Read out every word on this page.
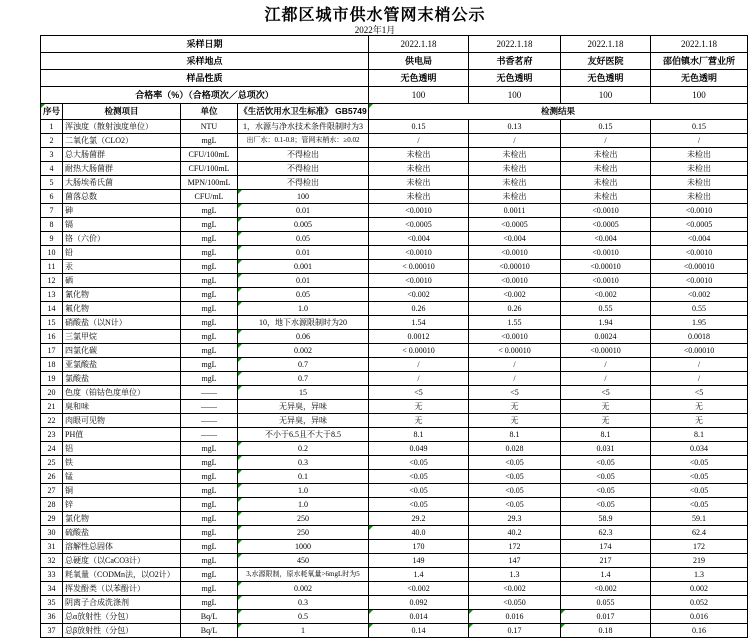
江都区城市供水管网末梢公示
2022年1月
采样日期				2022.1.18	2022.1.18	2022.1.18	2022.1.18
采样地点				供电局	书香茗府	友好医院	邵伯镇水厂营业所
样品性质				无色透明	无色透明	无色透明	无色透明
合格率（%）（合格项次／总项次）				100	100	100	100

序号	检测项目	单位	《生活饮用水卫生标准》 GB5749	检测结果			
1	浑浊度（散射浊度单位）	NTU	1，水源与净水技术条件限制时为3	0.15	0.13	0.15	0.15
2	二氧化氯（CLO2）	mgL	出厂水：0.1-0.8；管网末梢水：≥0.02	/	/	/	/
3	总大肠菌群	CFU/100mL	不得检出	未检出	未检出	未检出	未检出
4	耐热大肠菌群	CFU/100mL	不得检出	未检出	未检出	未检出	未检出
5	大肠埃希氏菌	MPN/100mL	不得检出	未检出	未检出	未检出	未检出
6	菌落总数	CFU/mL	100	未检出	未检出	未检出	未检出
7	砷	mgL	0.01	<0.0010	0.0011	<0.0010	<0.0010
8	镉	mgL	0.005	<0.0005	<0.0005	<0.0005	<0.0005
9	铬（六价）	mgL	0.05	<0.004	<0.004	<0.004	<0.004
10	铅	mgL	0.01	<0.0010	<0.0010	<0.0010	<0.0010
11	汞	mgL	0.001	< 0.00010	<0.00010	<0.00010	<0.00010
12	硒	mgL	0.01	<0.0010	<0.0010	<0.0010	<0.0010
13	氰化物	mgL	0.05	<0.002	<0.002	<0.002	<0.002
14	氟化物	mgL	1.0	0.26	0.26	0.55	0.55
15	硝酸盐（以N计）	mgL	10，地下水源限制时为20	1.54	1.55	1.94	1.95
16	三氯甲烷	mgL	0.06	0.0012	<0.0010	0.0024	0.0018
17	四氯化碳	mgL	0.002	< 0.00010	< 0.00010	<0.00010	<0.00010
18	亚氯酸盐	mgL	0.7	/	/	/	/
19	氯酸盐	mgL	0.7	/	/	/	/
20	色度（铂钴色度单位）	——	15	<5	<5	<5	<5
21	臭和味	——	无异臭，异味	无	无	无	无
22	肉眼可见物	——	无异臭，异味	无	无	无	无
23	PH值	——	不小于6.5且不大于8.5	8.1	8.1	8.1	8.1
24	铝	mgL	0.2	0.049	0.028	0.031	0.034
25	铁	mgL	0.3	<0.05	<0.05	<0.05	<0.05
26	锰	mgL	0.1	<0.05	<0.05	<0.05	<0.05
27	铜	mgL	1.0	<0.05	<0.05	<0.05	<0.05
28	锌	mgL	1.0	<0.05	<0.05	<0.05	<0.05
29	氯化物	mgL	250	29.2	29.3	58.9	59.1
30	硫酸盐	mgL	250	40.0	40.2	62.3	62.4
31	溶解性总固体	mgL	1000	170	172	174	172
32	总硬度（以CaCO3计）	mgL	450	149	147	217	219
33	耗氧量（CODMn法，以O2计）	mgL	3,水源限制，原水耗氧量>6mgL时为5	1.4	1.3	1.4	1.3
34	挥发酚类（以苯酚计）	mgL	0.002	<0.002	<0.002	<0.002	0.002
35	阴离子合成洗涤剂	mgL	0.3	0.092	<0.050	0.055	0.052
36	总α放射性（分包）	Bq/L	0.5	0.014	0.016	0.017	0.016
37	总β放射性（分包）	Bq/L	1	0.14	0.17	0.18	0.16
